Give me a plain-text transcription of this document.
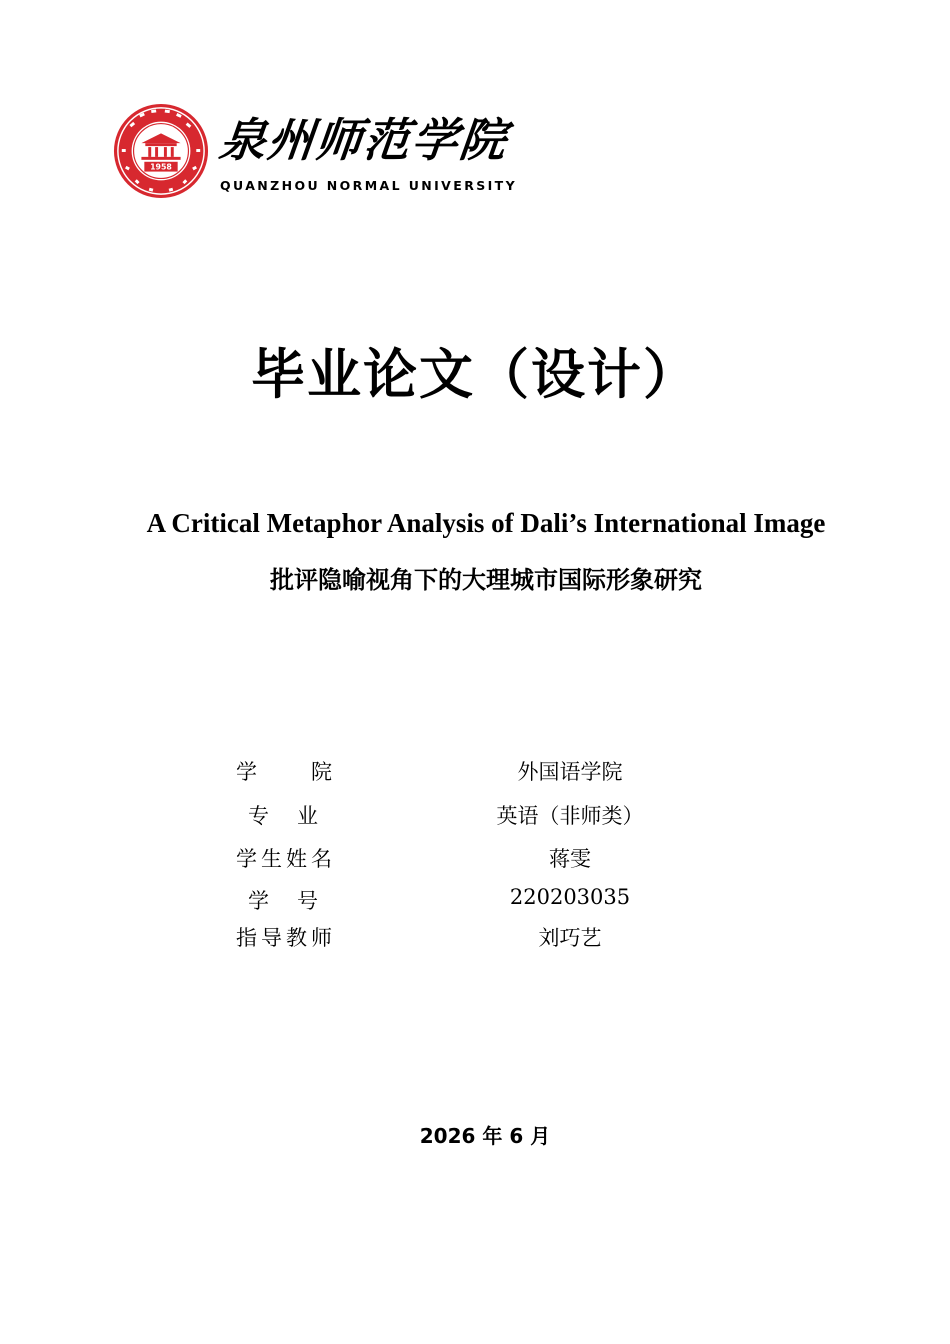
1958
泉州师范学院
QUANZHOU NORMAL UNIVERSITY
毕业论文（设计）
A Critical Metaphor Analysis of Dali’s International Image
批评隐喻视角下的大理城市国际形象研究
学院	外国语学院
专业	英语（非师类）
学生姓名	蒋雯
学号	220203035
指导教师	刘巧艺
2026 年 6 月
